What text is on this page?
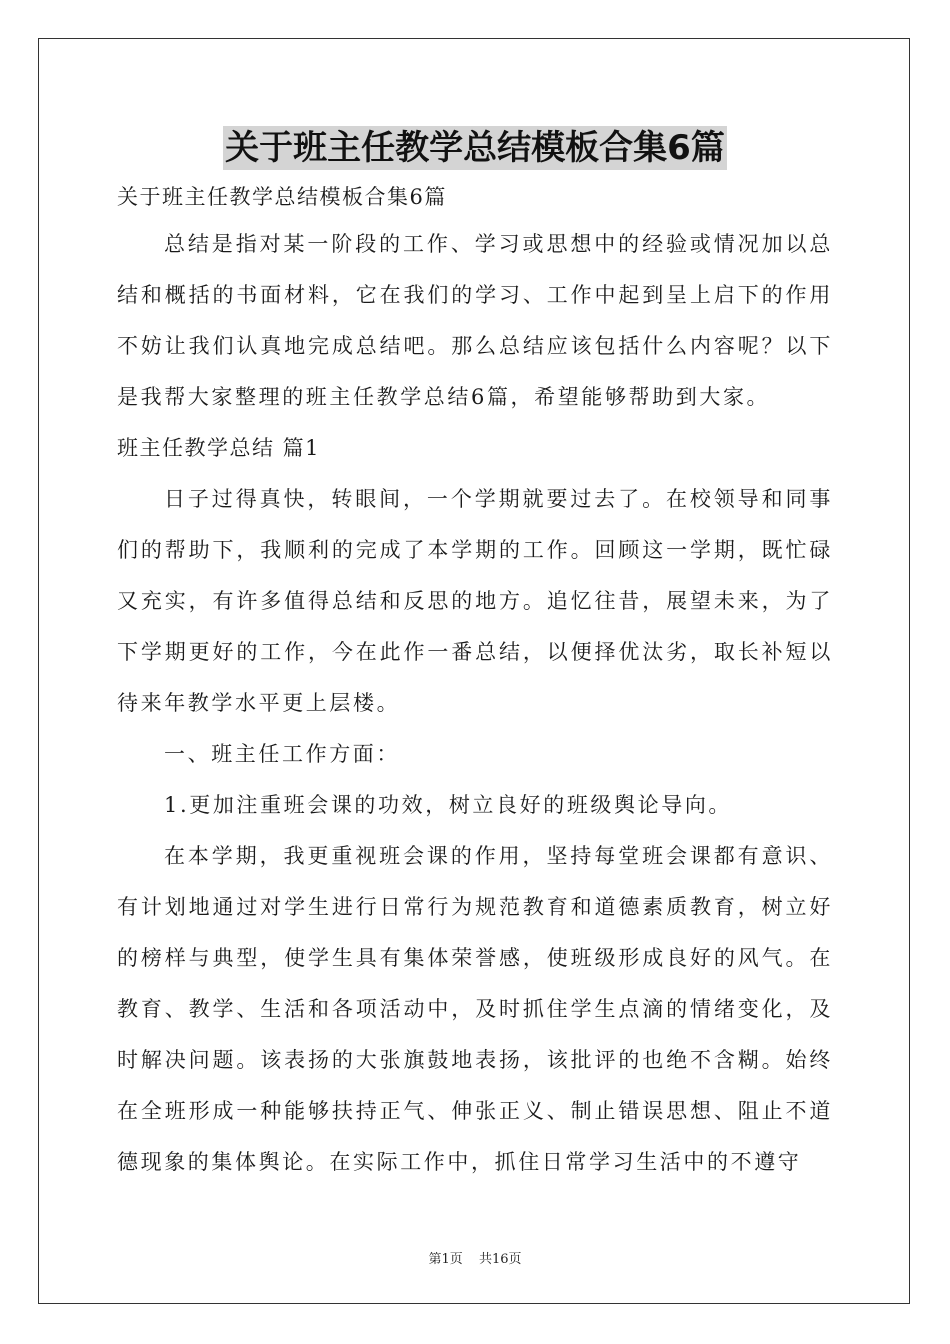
关于班主任教学总结模板合集6篇

关于班主任教学总结模板合集6篇

总结是指对某一阶段的工作、学习或思想中的经验或情况加以总结和概括的书面材料，它在我们的学习、工作中起到呈上启下的作用不妨让我们认真地完成总结吧。那么总结应该包括什么内容呢？以下是我帮大家整理的班主任教学总结6篇，希望能够帮助到大家。

班主任教学总结 篇1

日子过得真快，转眼间，一个学期就要过去了。在校领导和同事们的帮助下，我顺利的完成了本学期的工作。回顾这一学期，既忙碌又充实，有许多值得总结和反思的地方。追忆往昔，展望未来，为了下学期更好的工作，今在此作一番总结，以便择优汰劣，取长补短以待来年教学水平更上层楼。

一、班主任工作方面：

1.更加注重班会课的功效，树立良好的班级舆论导向。

在本学期，我更重视班会课的作用，坚持每堂班会课都有意识、有计划地通过对学生进行日常行为规范教育和道德素质教育，树立好的榜样与典型，使学生具有集体荣誉感，使班级形成良好的风气。在教育、教学、生活和各项活动中，及时抓住学生点滴的情绪变化，及时解决问题。该表扬的大张旗鼓地表扬，该批评的也绝不含糊。始终在全班形成一种能够扶持正气、伸张正义、制止错误思想、阻止不道德现象的集体舆论。在实际工作中，抓住日常学习生活中的不遵守

第1页 共16页
